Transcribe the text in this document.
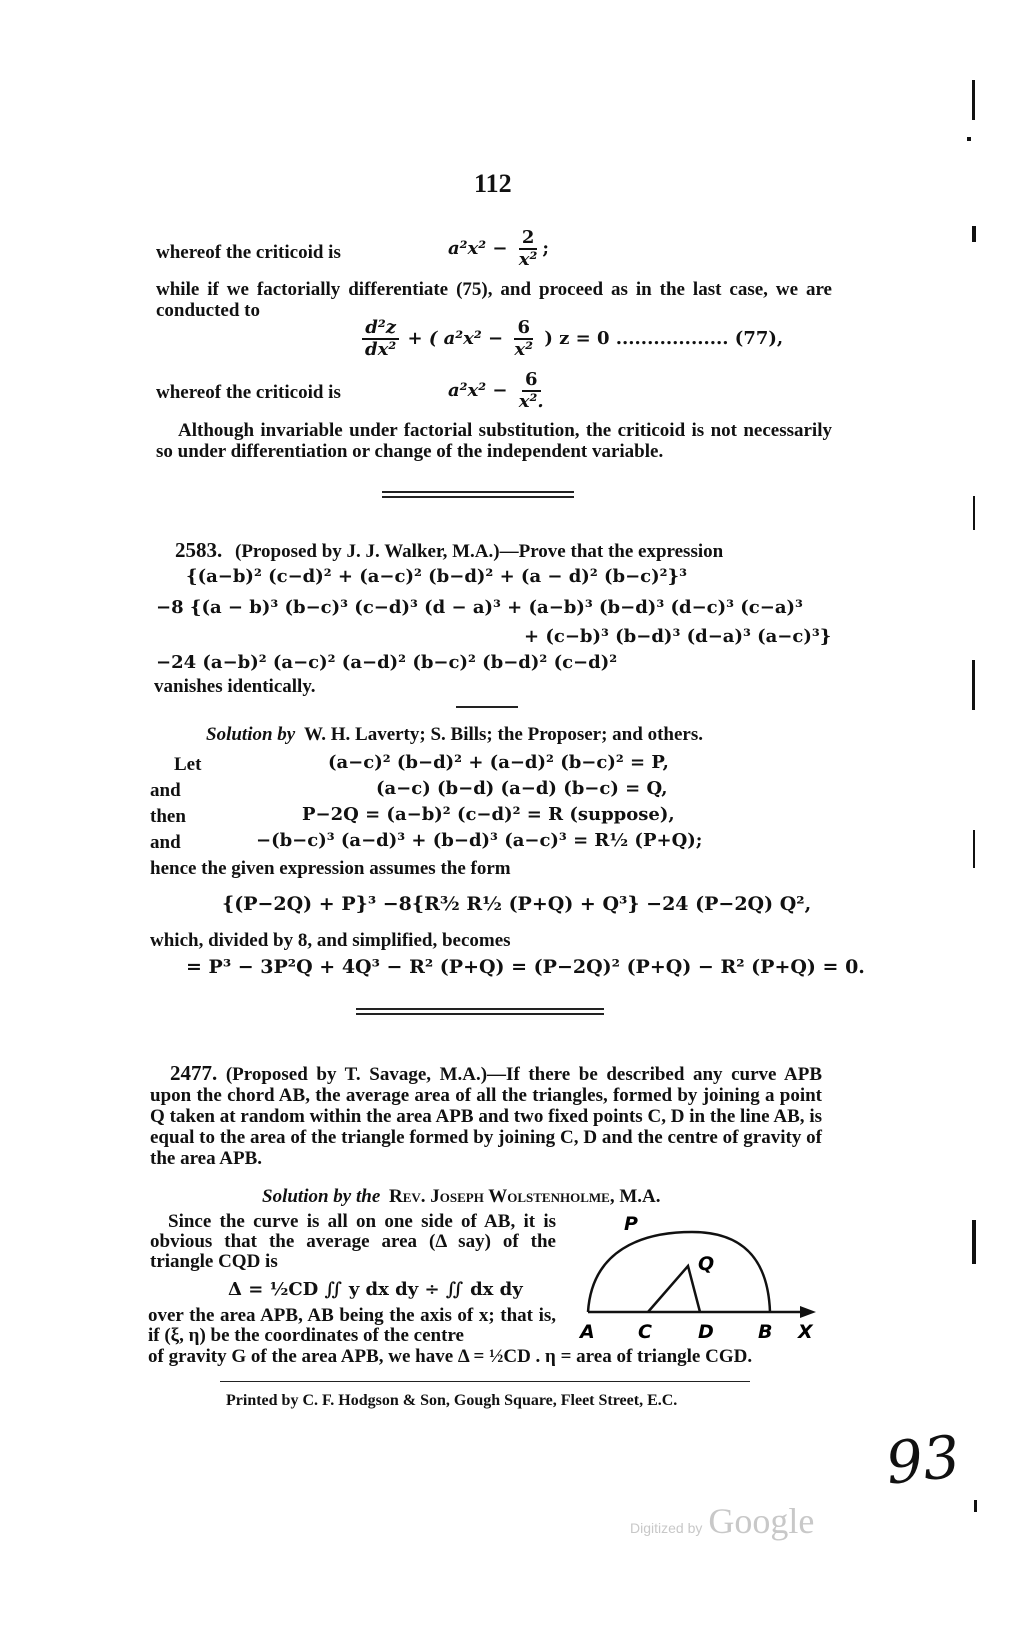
112
whereof the criticoid is	$a^2x^2 - \frac{2}{\text{x²}}$ ;
while if we factorially differentiate (75), and proceed as in the last case, we are conducted to
$\frac{\text{d²z}}{\text{dx²}}$ + ( $a^2x^2 - \frac{6}{\text{x²}}$ ) z = 0 .................. (77),
whereof the criticoid is	$a^2x^2 - \frac{6}{\text{x².}}$
Although invariable under factorial substitution, the criticoid is not necessarily so under differentiation or change of the independent variable.
2583. (Proposed by J. J. Walker, M.A.)—Prove that the expression
{(a−b)² (c−d)² + (a−c)² (b−d)² + (a − d)² (b−c)²}³
−8 {(a − b)³ (b−c)³ (c−d)³ (d − a)³ + (a−b)³ (b−d)³ (d−c)³ (c−a)³
+ (c−b)³ (b−d)³ (d−a)³ (a−c)³}
−24 (a−b)² (a−c)² (a−d)² (b−c)² (b−d)² (c−d)²
vanishes identically.
Solution by W. H. Laverty; S. Bills; the Proposer; and others.
Let	(a−c)² (b−d)² + (a−d)² (b−c)² = P,
and	(a−c) (b−d) (a−d) (b−c) = Q,
then	P−2Q = (a−b)² (c−d)² = R (suppose),
and	−(b−c)³ (a−d)³ + (b−d)³ (a−c)³ = R½ (P+Q);
hence the given expression assumes the form
{(P−2Q) + P}³ −8{R³⁄₂ R½ (P+Q) + Q³} −24 (P−2Q) Q²,
which, divided by 8, and simplified, becomes
= P³ − 3P²Q + 4Q³ − R² (P+Q) = (P−2Q)² (P+Q) − R² (P+Q) = 0.
2477. (Proposed by T. Savage, M.A.)—If there be described any curve APB upon the chord AB, the average area of all the triangles, formed by joining a point Q taken at random within the area APB and two fixed points C, D in the line AB, is equal to the area of the triangle formed by joining C, D and the centre of gravity of the area APB.
Solution by the Rev. Joseph Wolstenholme, M.A.
Since the curve is all on one side of AB, it is obvious that the average area (Δ say) of the triangle CQD is
Δ = ½CD ∬ y dx dy ÷ ∬ dx dy
over the area APB, AB being the axis of x; that is, if (ξ, η) be the coordinates of the centre
of gravity G of the area APB, we have Δ = ½CD . η = area of triangle CGD.
P
Q
A C D B X
Printed by C. F. Hodgson & Son, Gough Square, Fleet Street, E.C.
93
Digitized by Google
